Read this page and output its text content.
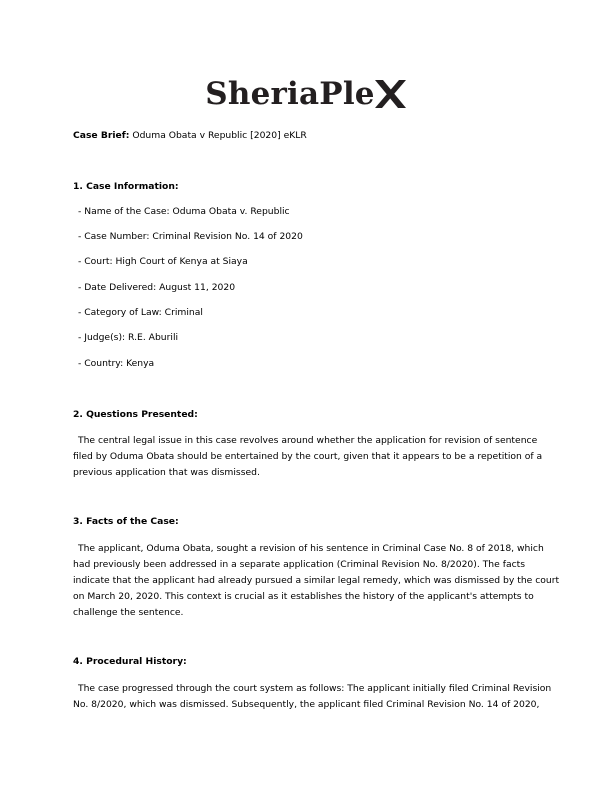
SheriaPle
Case Brief: Oduma Obata v Republic [2020] eKLR
1. Case Information:
- Name of the Case: Oduma Obata v. Republic
- Case Number: Criminal Revision No. 14 of 2020
- Court: High Court of Kenya at Siaya
- Date Delivered: August 11, 2020
- Category of Law: Criminal
- Judge(s): R.E. Aburili
- Country: Kenya
2. Questions Presented:
The central legal issue in this case revolves around whether the application for revision of sentence
filed by Oduma Obata should be entertained by the court, given that it appears to be a repetition of a
previous application that was dismissed.
3. Facts of the Case:
The applicant, Oduma Obata, sought a revision of his sentence in Criminal Case No. 8 of 2018, which
had previously been addressed in a separate application (Criminal Revision No. 8/2020). The facts
indicate that the applicant had already pursued a similar legal remedy, which was dismissed by the court
on March 20, 2020. This context is crucial as it establishes the history of the applicant's attempts to
challenge the sentence.
4. Procedural History:
The case progressed through the court system as follows: The applicant initially filed Criminal Revision
No. 8/2020, which was dismissed. Subsequently, the applicant filed Criminal Revision No. 14 of 2020,
